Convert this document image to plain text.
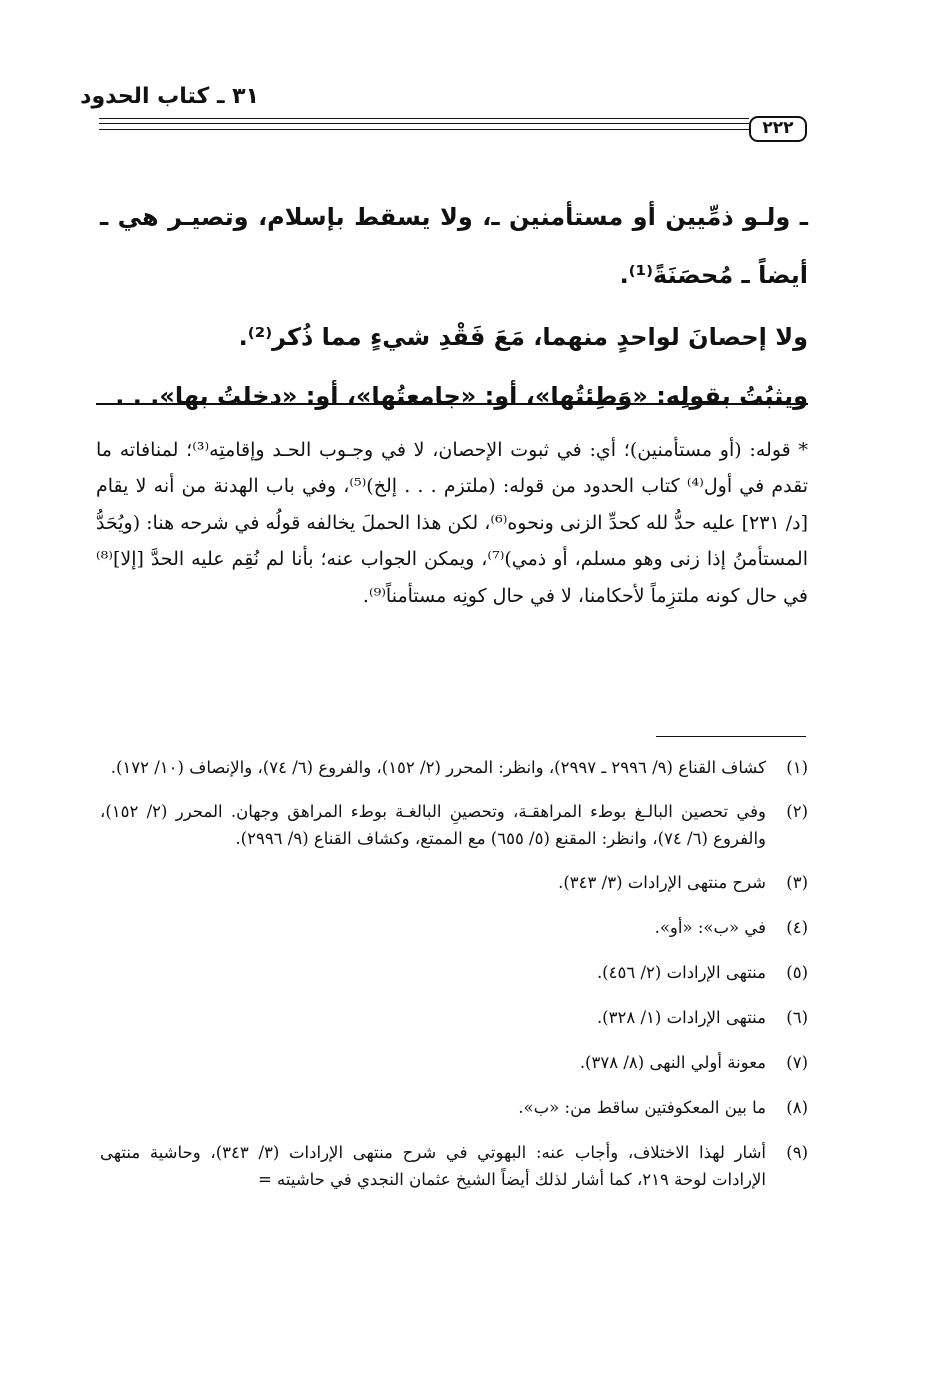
٢٢٢
٣١ ـ كتاب الحدود

ـ ولـو ذمِّيين أو مستأمنين ـ، ولا يسقط بإسلام، وتصيـر هي ـ أيضاً ـ مُحصَنَةً⁽¹⁾.

ولا إحصانَ لواحدٍ منهما، مَعَ فَقْدِ شيءٍ مما ذُكر⁽²⁾.

ويثبُتُ بقولِه: «وَطِئتُها»، أو: «جامعتُها»، أو: «دخلتُ بها». . .

* قوله: (أو مستأمنين)؛ أي: في ثبوت الإحصان، لا في وجـوب الحـد وإقامتِه⁽³⁾؛ لمنافاته ما تقدم في أول⁽⁴⁾ كتاب الحدود من قوله: (ملتزم . . . إلخ)⁽⁵⁾، وفي باب الهدنة من أنه لا يقام [د/ ٢٣١] عليه حدُّ لله كحدِّ الزنى ونحوه⁽⁶⁾، لكن هذا الحملَ يخالفه قولُه في شرحه هنا: (ويُحَدُّ المستأمنُ إذا زنى وهو مسلم، أو ذمي)⁽⁷⁾، ويمكن الجواب عنه؛ بأنا لم نُقِم عليه الحدَّ [إلا]⁽⁸⁾ في حال كونه ملتزِماً لأحكامنا، لا في حال كونِه مستأمناً⁽⁹⁾.

(١)
كشاف القناع (٩/ ٢٩٩٦ ـ ٢٩٩٧)، وانظر: المحرر (٢/ ١٥٢)، والفروع (٦/ ٧٤)، والإنصاف (١٠/ ١٧٢).
(٢)
وفي تحصين البالـغ بوطء المراهقـة، وتحصينِ البالغـة بوطء المراهق وجهان. المحرر (٢/ ١٥٢)، والفروع (٦/ ٧٤)، وانظر: المقنع (٥/ ٦٥٥) مع الممتع، وكشاف القناع (٩/ ٢٩٩٦).
(٣)
شرح منتهى الإرادات (٣/ ٣٤٣).
(٤)
في «ب»: «أو».
(٥)
منتهى الإرادات (٢/ ٤٥٦).
(٦)
منتهى الإرادات (١/ ٣٢٨).
(٧)
معونة أولي النهى (٨/ ٣٧٨).
(٨)
ما بين المعكوفتين ساقط من: «ب».
(٩)
أشار لهذا الاختلاف، وأجاب عنه: البهوتي في شرح منتهى الإرادات (٣/ ٣٤٣)، وحاشية منتهى الإرادات لوحة ٢١٩، كما أشار لذلك أيضاً الشيخ عثمان النجدي في حاشيته =
